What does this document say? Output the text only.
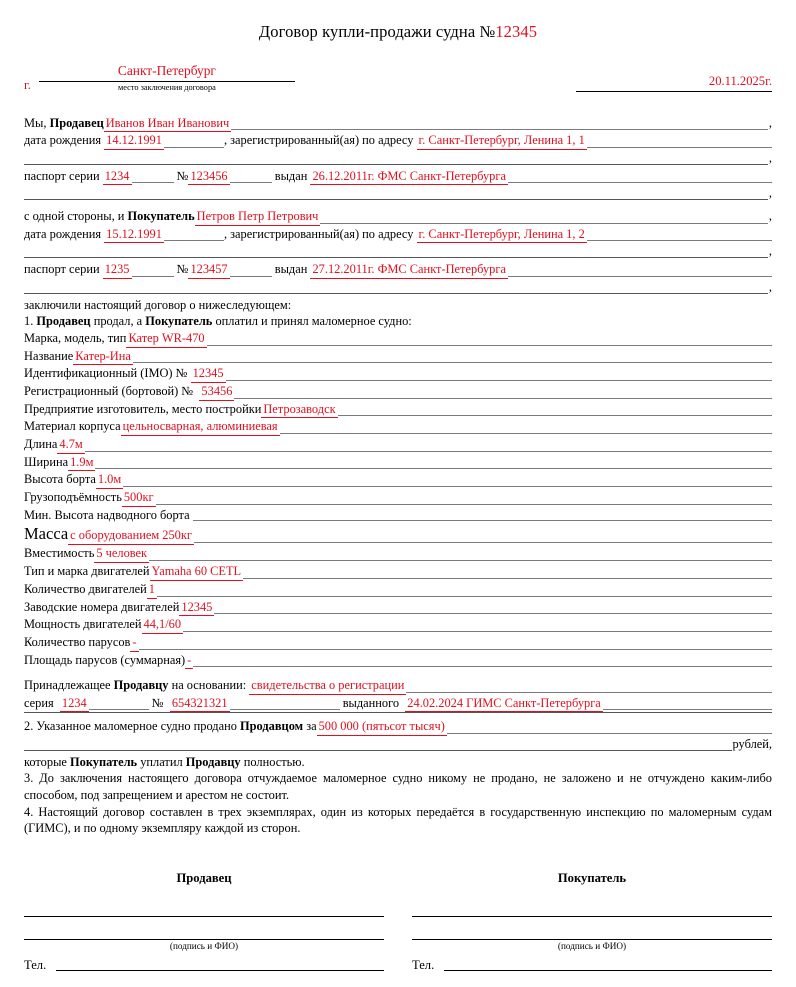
Договор купли-продажи судна №12345
г.
Санкт-Петербург
место заключения договора	20.11.2025г.
Мы,
Продавец Иванов Иван Иванович	,
дата рождения
14.12.1991	, зарегистрированный(ая) по адресу
г. Санкт-Петербург, Ленина 1, 1
,
паспорт серии
1234
	№ 123456
	выдан
26.12.2011г. ФМС Санкт-Петербурга
,
с одной стороны, и
Покупатель Петров Петр Петрович	,
дата рождения
15.12.1991	, зарегистрированный(ая) по адресу
г. Санкт-Петербург, Ленина 1, 2
,
паспорт серии
1235
	№ 123457
	выдан
27.12.2011г. ФМС Санкт-Петербурга
,
заключили настоящий договор о нижеследующем:
1. Продавец продал, а Покупатель оплатил и принял маломерное судно:
Марка, модель, тип Катер WR-470
Название Катер-Ина
Идентификационный (IMO) №
12345
Регистрационный (бортовой) №
53456
Предприятие изготовитель, место постройки Петрозаводск
Материал корпуса цельносварная, алюминиевая
Длина 4.7м
Ширина 1.9м
Высота борта 1.0м
Грузоподъёмность 500кг
Мин. Высота надводного борта

Масса с оборудованием 250кг
Вместимость 5 человек
Тип и марка двигателей Yamaha 60 CETL
Количество двигателей 1
Заводские номера двигателей 12345
Мощность двигателей 44,1/60
Количество парусов -
Площадь парусов (суммарная) -
Принадлежащее
Продавцу
на основании:
свидетельства о регистрации
серия
1234
	№
654321321
	выданного
24.02.2024 ГИМС Санкт-Петербурга
2.
Указанное маломерное судно продано
Продавцом
за 500 000 (пятьсот тысяч)
рублей,
которые Покупатель уплатил Продавцу полностью.
3. До заключения настоящего договора отчуждаемое маломерное судно никому не продано, не заложено и не отчуждено каким-либо способом, под запрещением и арестом не состоит.
4. Настоящий договор составлен в трех экземплярах, один из которых передаётся в государственную инспекцию по маломерным судам (ГИМС), и по одному экземпляру каждой из сторон.
Продавец
(подпись и ФИО)
Тел.
Покупатель
(подпись и ФИО)
Тел.
